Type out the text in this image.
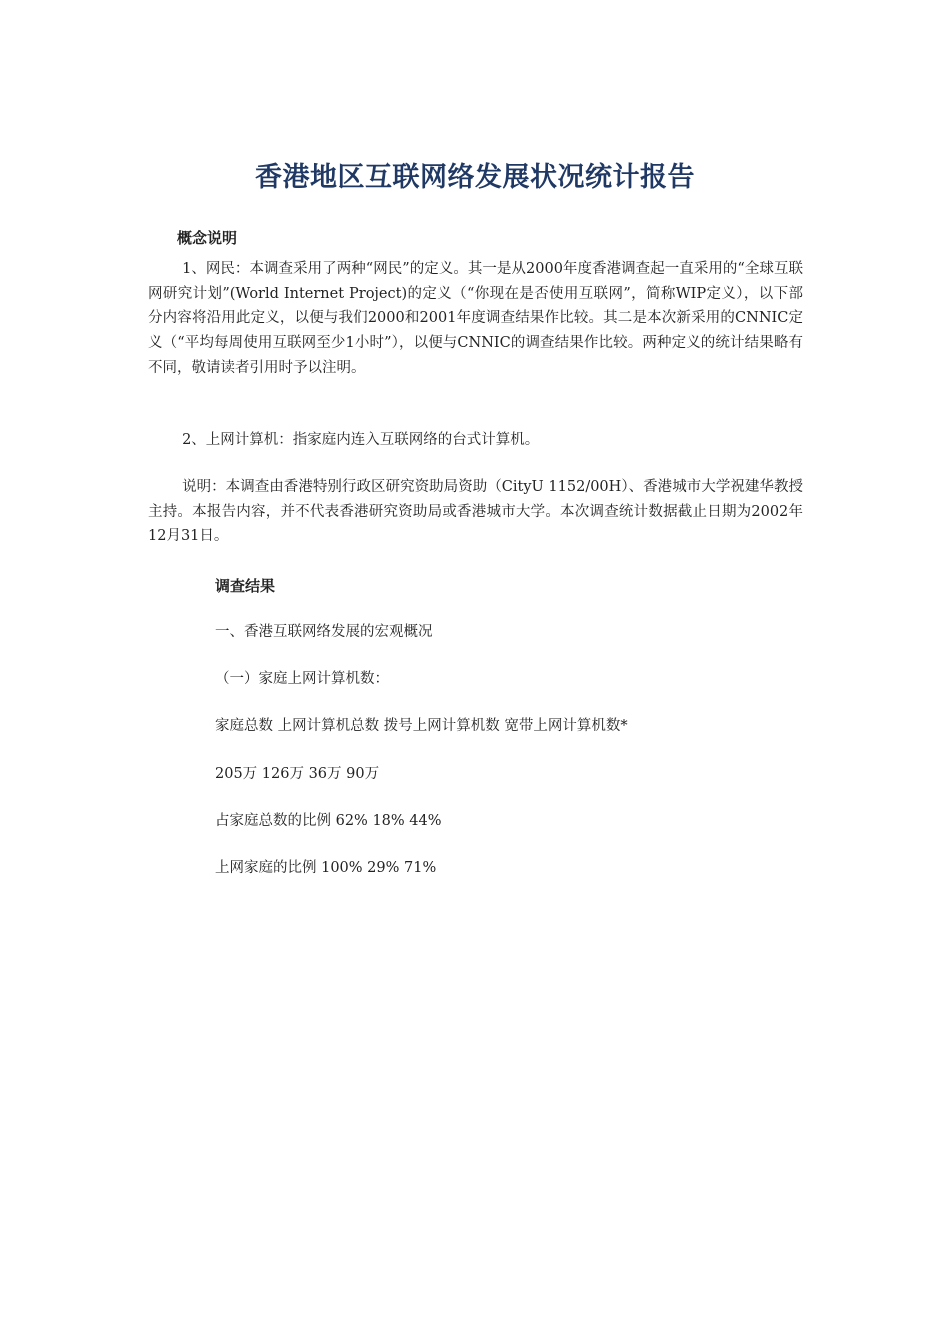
香港地区互联网络发展状况统计报告
概念说明

1、网民：本调查采用了两种“网民”的定义。其一是从2000年度香港调查起一直采用的“全球互联网研究计划”(World Internet Project)的定义（“你现在是否使用互联网”，简称WIP定义），以下部分内容将沿用此定义，以便与我们2000和2001年度调查结果作比较。其二是本次新采用的CNNIC定义（“平均每周使用互联网至少1小时”），以便与CNNIC的调查结果作比较。两种定义的统计结果略有不同，敬请读者引用时予以注明。

2、上网计算机：指家庭内连入互联网络的台式计算机。

说明：本调查由香港特别行政区研究资助局资助（CityU 1152/00H）、香港城市大学祝建华教授主持。本报告内容，并不代表香港研究资助局或香港城市大学。本次调查统计数据截止日期为2002年12月31日。

调查结果

一、香港互联网络发展的宏观概况

（一）家庭上网计算机数：

家庭总数 上网计算机总数 拨号上网计算机数 宽带上网计算机数*

205万 126万 36万 90万

占家庭总数的比例 62% 18% 44%

上网家庭的比例 100% 29% 71%
